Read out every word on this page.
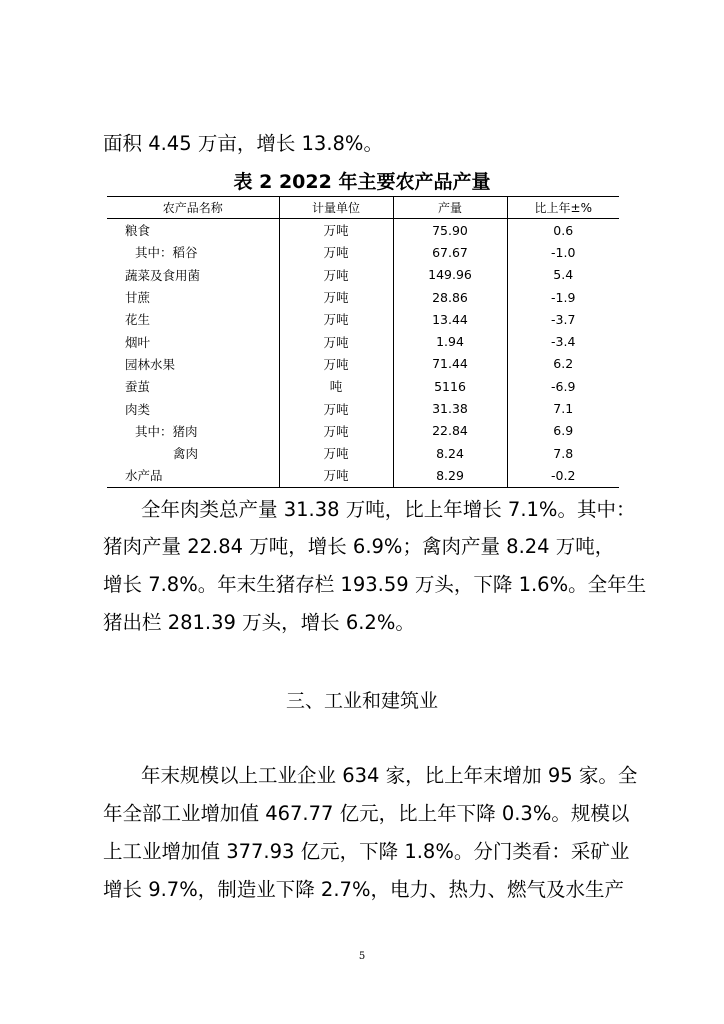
面积 4.45 万亩，增长 13.8%。
表 2 2022 年主要农产品产量
农产品名称	计量单位	产量	比上年±%
粮食	万吨	75.90	0.6
其中：稻谷	万吨	67.67	-1.0
蔬菜及食用菌	万吨	149.96	5.4
甘蔗	万吨	28.86	-1.9
花生	万吨	13.44	-3.7
烟叶	万吨	1.94	-3.4
园林水果	万吨	71.44	6.2
蚕茧	吨	5116	-6.9
肉类	万吨	31.38	7.1
其中：猪肉	万吨	22.84	6.9
禽肉	万吨	8.24	7.8
水产品	万吨	8.29	-0.2
全年肉类总产量 31.38 万吨，比上年增长 7.1%。其中：
猪肉产量 22.84 万吨，增长 6.9%；禽肉产量 8.24 万吨，
增长 7.8%。年末生猪存栏 193.59 万头，下降 1.6%。全年生
猪出栏 281.39 万头，增长 6.2%。
三、工业和建筑业
年末规模以上工业企业 634 家，比上年末增加 95 家。全
年全部工业增加值 467.77 亿元，比上年下降 0.3%。规模以
上工业增加值 377.93 亿元，下降 1.8%。分门类看：采矿业
增长 9.7%，制造业下降 2.7%，电力、热力、燃气及水生产
5
